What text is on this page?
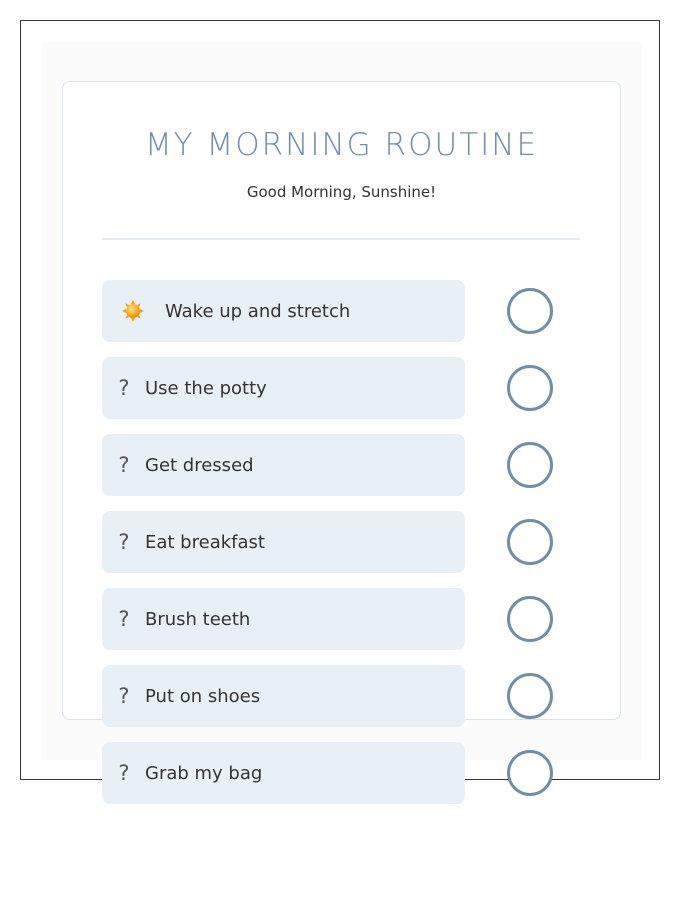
MY MORNING ROUTINE
Good Morning, Sunshine!
Wake up and stretch
? Use the potty
? Get dressed
? Eat breakfast
? Brush teeth
? Put on shoes
? Grab my bag
